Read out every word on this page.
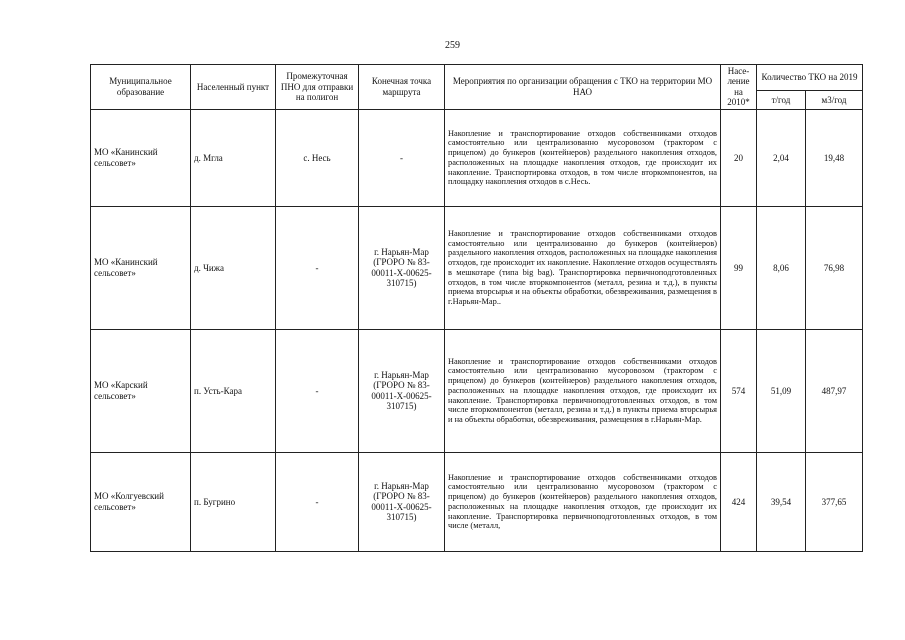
259
Муниципальное образование	Населенный пункт	Промежуточная ПНО для отправки на полигон	Конечная точка маршрута	Мероприятия по организации обращения с ТКО на территории МО НАО	Насе-ление на 2010*	Количество ТКО на 2019	
						т/год	м3/год
МО «Канинский сельсовет»	д. Мгла	с. Несь	-	Накопление и транспортирование отходов собственниками отходов самостоятельно или централизованно мусоровозом (трактором с прицепом) до бункеров (контейнеров) раздельного накопления отходов, расположенных на площадке накопления отходов, где происходит их накопление. Транспортировка отходов, в том числе вторкомпонентов, на площадку накопления отходов в с.Несь.	20	2,04	19,48
МО «Канинский сельсовет»	д. Чижа	-	г. Нарьян-Мар (ГРОРО № 83-00011-Х-00625-310715)	Накопление и транспортирование отходов собственниками отходов самостоятельно или централизованно до бункеров (контейнеров) раздельного накопления отходов, расположенных на площадке накопления отходов, где происходит их накопление. Накопление отходов осуществлять в мешкотаре (типа big bag). Транспортировка первичноподготовленных отходов, в том числе вторкомпонентов (металл, резина и т.д.), в пункты приема вторсырья и на объекты обработки, обезвреживания, размещения в г.Нарьян-Мар..	99	8,06	76,98
МО «Карский сельсовет»	п. Усть-Кара	-	г. Нарьян-Мар (ГРОРО № 83-00011-Х-00625-310715)	Накопление и транспортирование отходов собственниками отходов самостоятельно или централизованно мусоровозом (трактором с прицепом) до бункеров (контейнеров) раздельного накопления отходов, расположенных на площадке накопления отходов, где происходит их накопление. Транспортировка первичноподготовленных отходов, в том числе вторкомпонентов (металл, резина и т.д.) в пункты приема вторсырья и на объекты обработки, обезвреживания, размещения в г.Нарьян-Мар.	574	51,09	487,97
МО «Колгуевский сельсовет»	п. Бугрино	-	г. Нарьян-Мар (ГРОРО № 83-00011-Х-00625-310715)	Накопление и транспортирование отходов собственниками отходов самостоятельно или централизованно мусоровозом (трактором с прицепом) до бункеров (контейнеров) раздельного накопления отходов, расположенных на площадке накопления отходов, где происходит их накопление. Транспортировка первичноподготовленных отходов, в том числе (металл,	424	39,54	377,65
